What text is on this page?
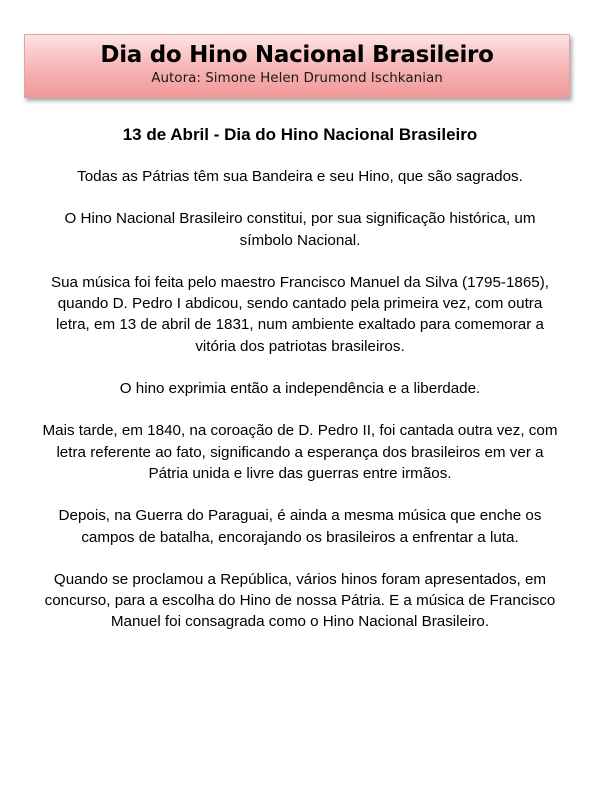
Dia do Hino Nacional Brasileiro
Autora: Simone Helen Drumond Ischkanian

13 de Abril - Dia do Hino Nacional Brasileiro

Todas as Pátrias têm sua Bandeira e seu Hino, que são sagrados.

O Hino Nacional Brasileiro constitui, por sua significação histórica, um símbolo Nacional.

Sua música foi feita pelo maestro Francisco Manuel da Silva (1795-1865), quando D. Pedro I abdicou, sendo cantado pela primeira vez, com outra letra, em 13 de abril de 1831, num ambiente exaltado para comemorar a vitória dos patriotas brasileiros.

O hino exprimia então a independência e a liberdade.

Mais tarde, em 1840, na coroação de D. Pedro II, foi cantada outra vez, com letra referente ao fato, significando a esperança dos brasileiros em ver a Pátria unida e livre das guerras entre irmãos.

Depois, na Guerra do Paraguai, é ainda a mesma música que enche os campos de batalha, encorajando os brasileiros a enfrentar a luta.

Quando se proclamou a República, vários hinos foram apresentados, em concurso, para a escolha do Hino de nossa Pátria. E a música de Francisco Manuel foi consagrada como o Hino Nacional Brasileiro.
